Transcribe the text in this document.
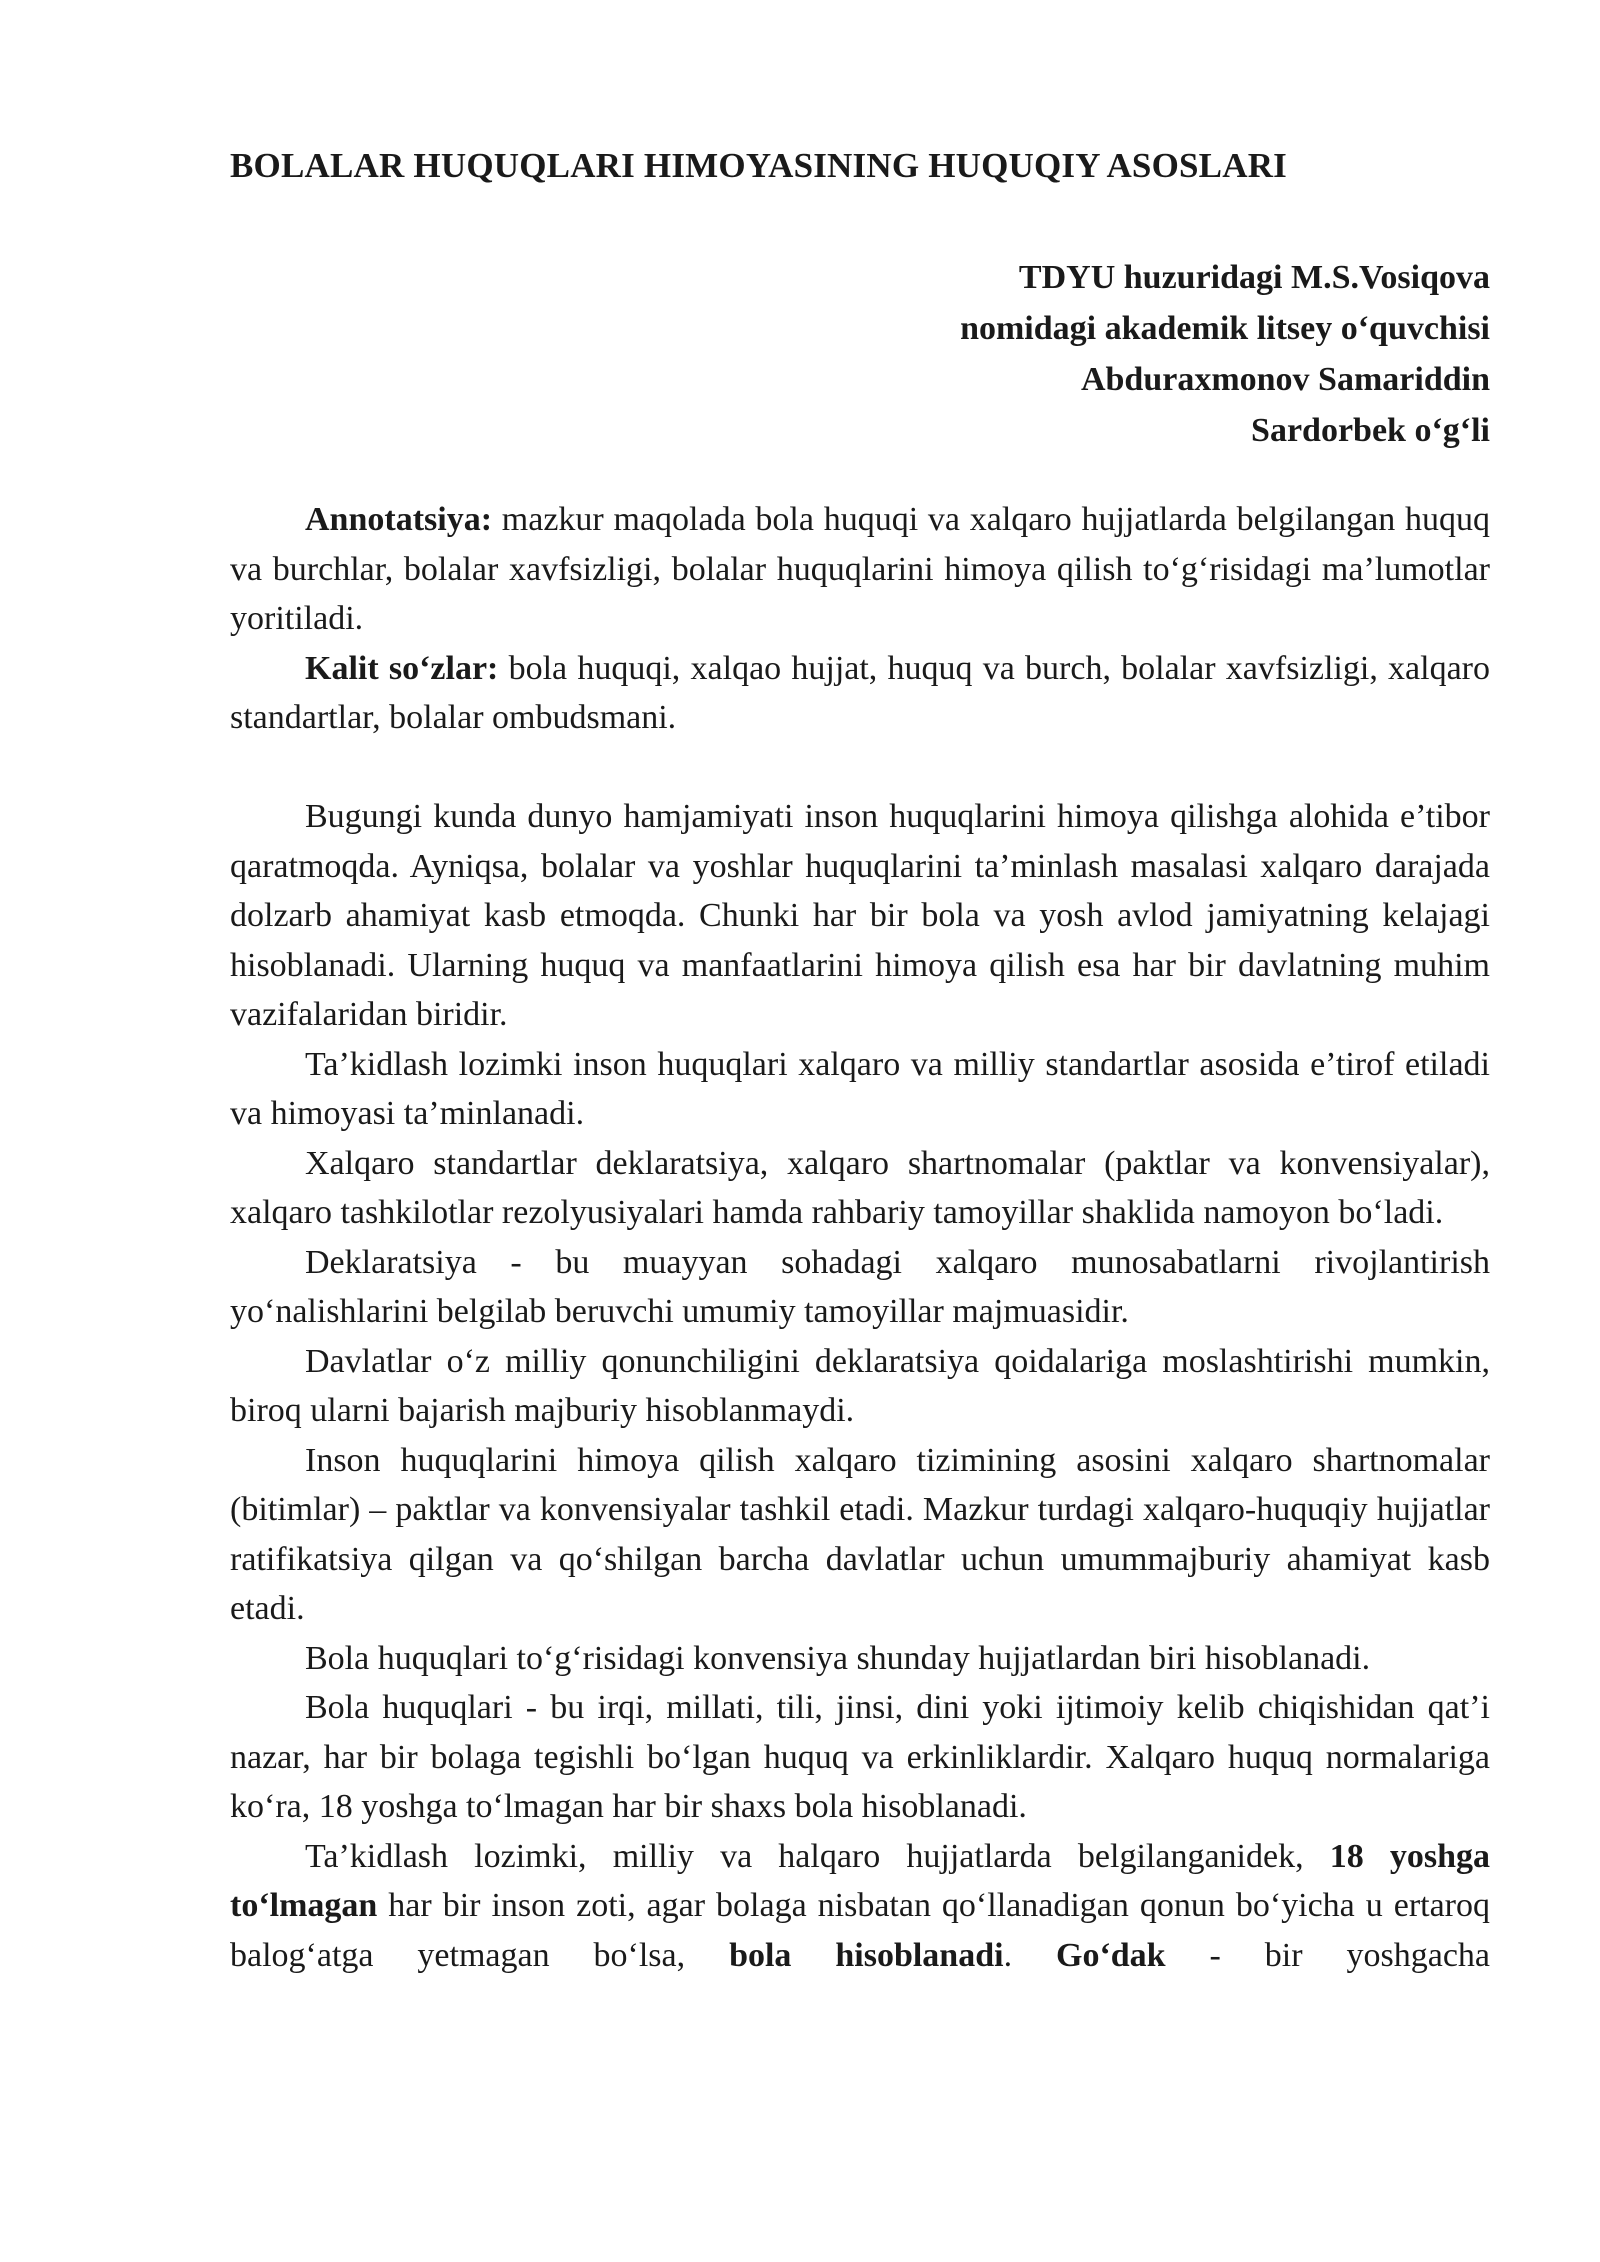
BOLALAR HUQUQLARI HIMOYASINING HUQUQIY ASOSLARI
TDYU huzuridagi M.S.Vosiqova
nomidagi akademik litsey o‘quvchisi
Abduraxmonov Samariddin
Sardorbek o‘g‘li

Annotatsiya: mazkur maqolada bola huquqi va xalqaro hujjatlarda belgilangan huquq va burchlar, bolalar xavfsizligi, bolalar huquqlarini himoya qilish to‘g‘risidagi ma’lumotlar yoritiladi.

Kalit so‘zlar: bola huquqi, xalqao hujjat, huquq va burch, bolalar xavfsizligi, xalqaro standartlar, bolalar ombudsmani.

Bugungi kunda dunyo hamjamiyati inson huquqlarini himoya qilishga alohida e’tibor qaratmoqda. Ayniqsa, bolalar va yoshlar huquqlarini ta’minlash masalasi xalqaro darajada dolzarb ahamiyat kasb etmoqda. Chunki har bir bola va yosh avlod jamiyatning kelajagi hisoblanadi. Ularning huquq va manfaatlarini himoya qilish esa har bir davlatning muhim vazifalaridan biridir.

Ta’kidlash lozimki inson huquqlari xalqaro va milliy standartlar asosida e’tirof etiladi va himoyasi ta’minlanadi.

Xalqaro standartlar deklaratsiya, xalqaro shartnomalar (paktlar va konvensiyalar), xalqaro tashkilotlar rezolyusiyalari hamda rahbariy tamoyillar shaklida namoyon bo‘ladi.

Deklaratsiya - bu muayyan sohadagi xalqaro munosabatlarni rivojlantirish yo‘nalishlarini belgilab beruvchi umumiy tamoyillar majmuasidir.

Davlatlar o‘z milliy qonunchiligini deklaratsiya qoidalariga moslashtirishi mumkin, biroq ularni bajarish majburiy hisoblanmaydi.

Inson huquqlarini himoya qilish xalqaro tizimining asosini xalqaro shartnomalar (bitimlar) – paktlar va konvensiyalar tashkil etadi. Mazkur turdagi xalqaro-huquqiy hujjatlar ratifikatsiya qilgan va qo‘shilgan barcha davlatlar uchun umummajburiy ahamiyat kasb etadi.

Bola huquqlari to‘g‘risidagi konvensiya shunday hujjatlardan biri hisoblanadi.

Bola huquqlari - bu irqi, millati, tili, jinsi, dini yoki ijtimoiy kelib chiqishidan qat’i nazar, har bir bolaga tegishli bo‘lgan huquq va erkinliklardir. Xalqaro huquq normalariga ko‘ra, 18 yoshga to‘lmagan har bir shaxs bola hisoblanadi.

Ta’kidlash lozimki, milliy va halqaro hujjatlarda belgilanganidek, 18 yoshga to‘lmagan har bir inson zoti, agar bolaga nisbatan qo‘llanadigan qonun bo‘yicha u ertaroq balog‘atga yetmagan bo‘lsa, bola hisoblanadi. Go‘dak - bir yoshgacha
